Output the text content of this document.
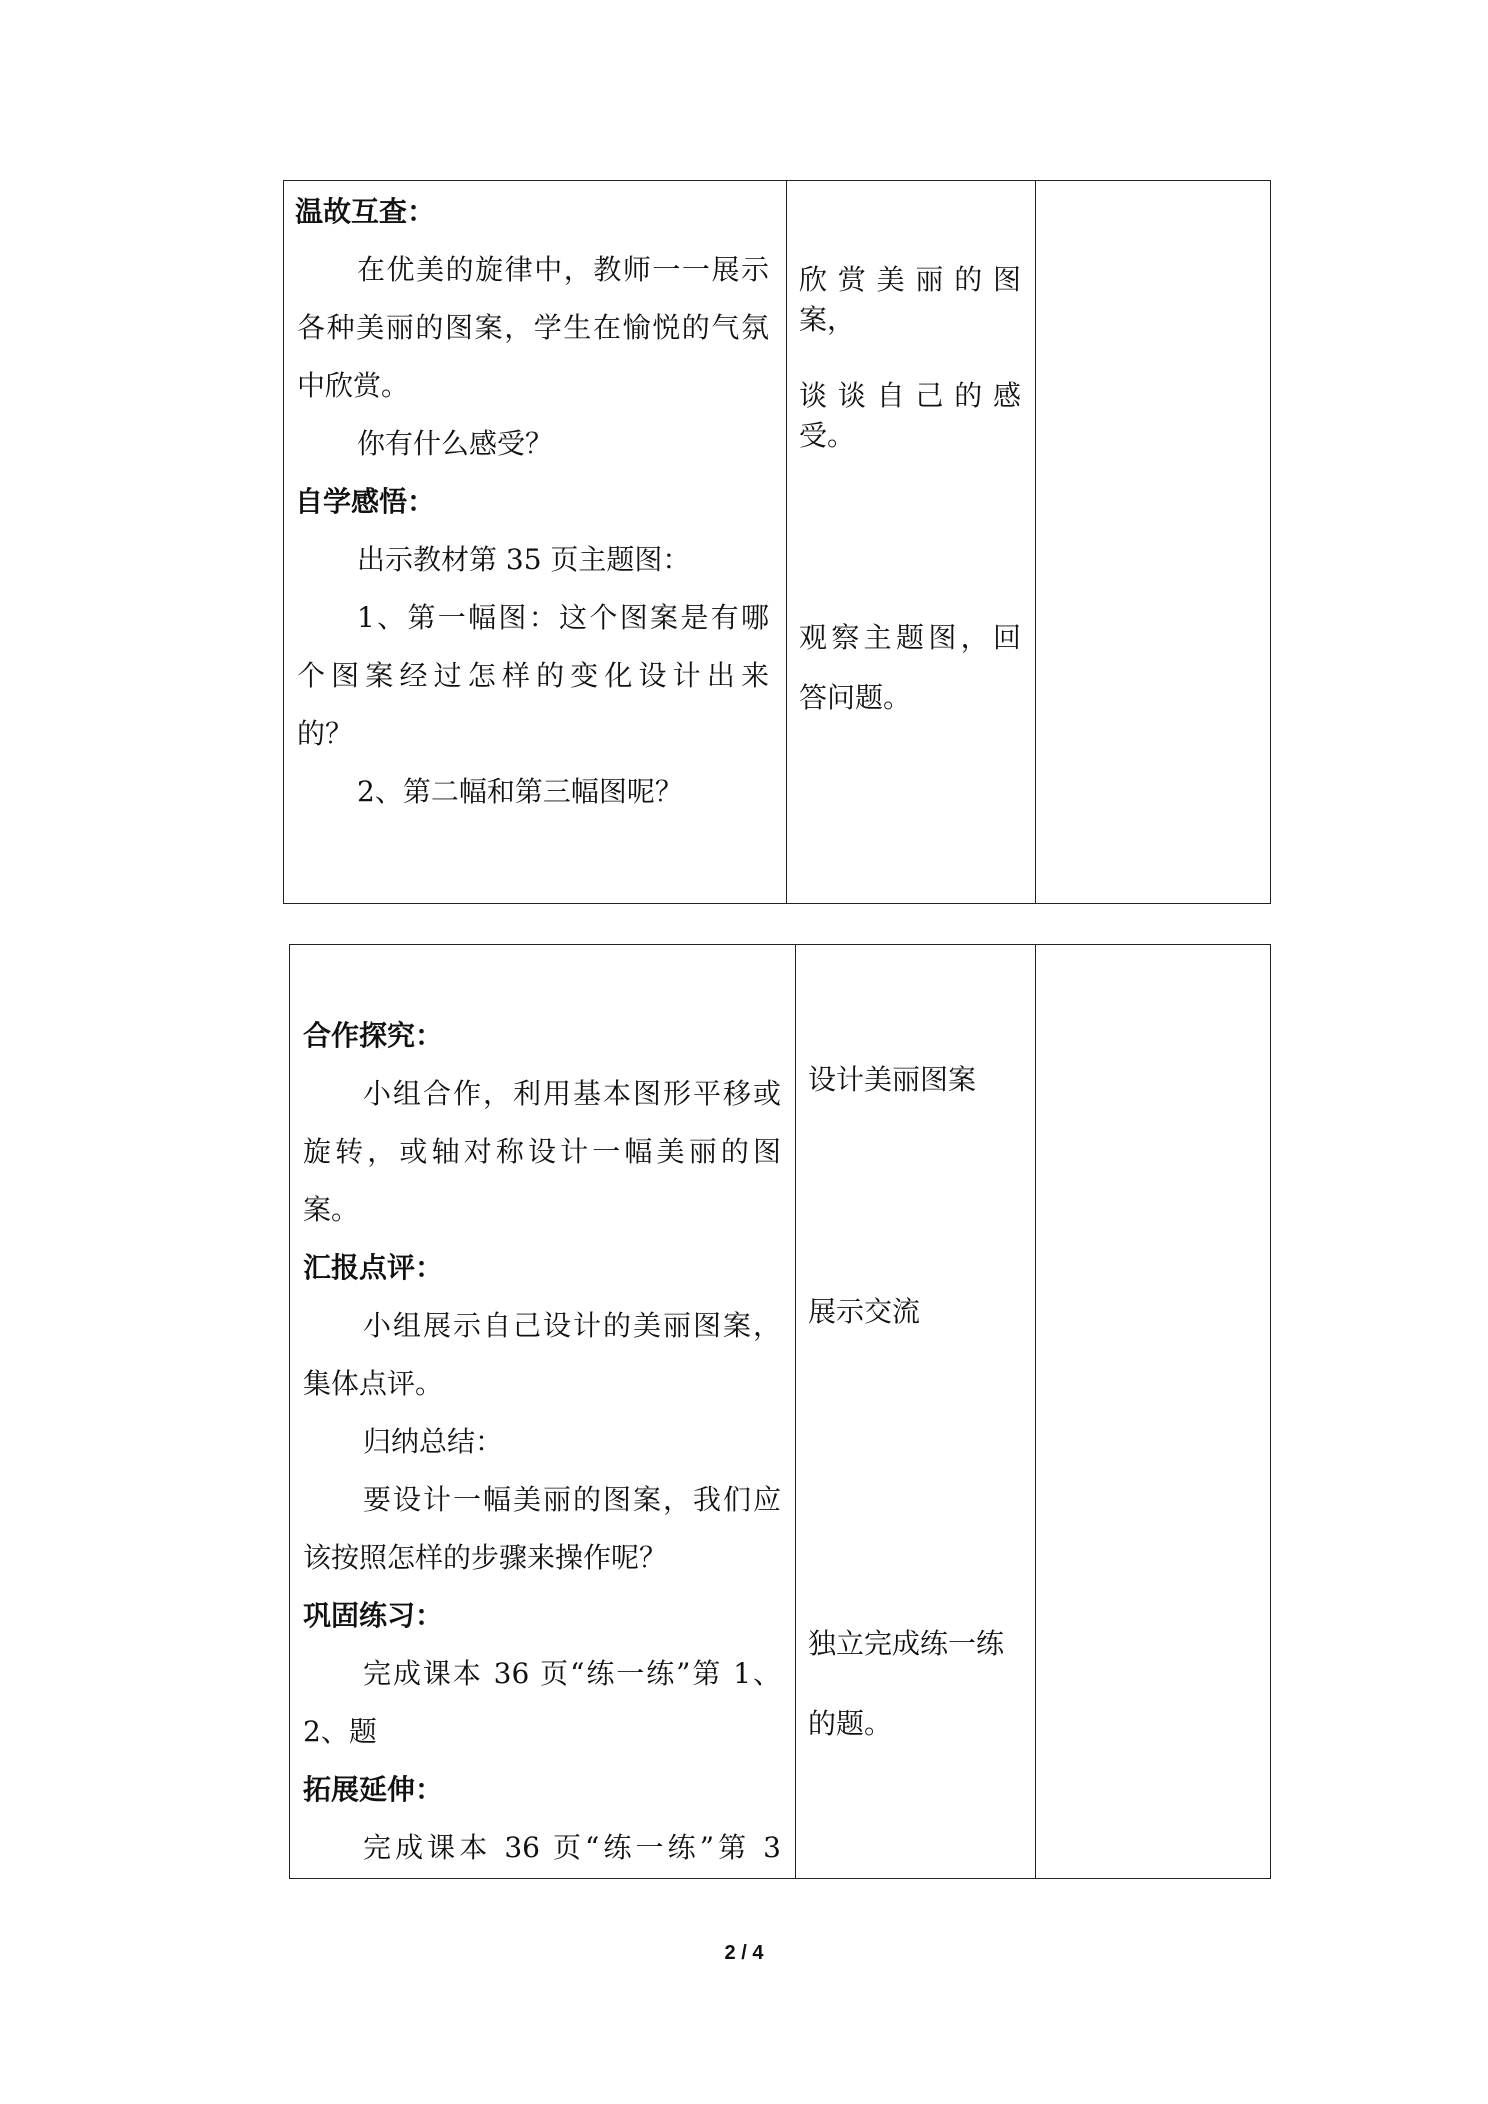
温故互查：

在优美的旋律中，教师一一展示

各种美丽的图案，学生在愉悦的气氛

中欣赏。

你有什么感受？

自学感悟：

出示教材第 35 页主题图：

1、第一幅图：这个图案是有哪

个图案经过怎样的变化设计出来

的？

2、第二幅和第三幅图呢？

欣赏美丽的图

案，

谈谈自己的感

受。

观察主题图，回

答问题。

合作探究：

小组合作，利用基本图形平移或

旋转，或轴对称设计一幅美丽的图

案。

汇报点评：

小组展示自己设计的美丽图案，

集体点评。

归纳总结：

要设计一幅美丽的图案，我们应

该按照怎样的步骤来操作呢？

巩固练习：

完成课本 36 页“练一练”第 1、

2、题

拓展延伸：

完成课本 36 页“练一练”第 3

设计美丽图案

展示交流

独立完成练一练

的题。

2 / 4
